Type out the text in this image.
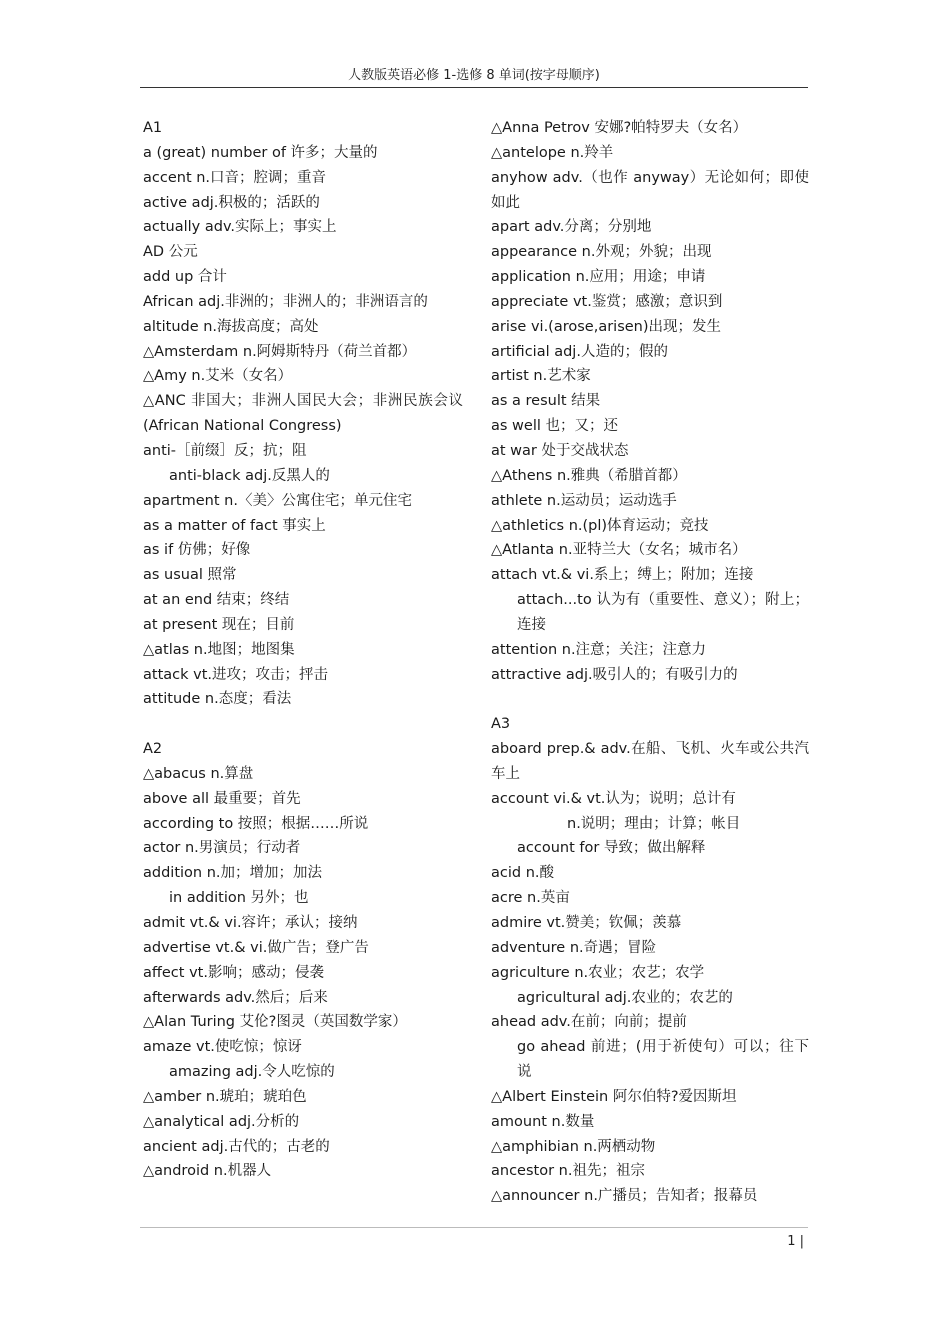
人教版英语必修 1-选修 8 单词(按字母顺序)

A1

a (great) number of 许多；大量的

accent n.口音；腔调；重音

active adj.积极的；活跃的

actually adv.实际上；事实上

AD 公元

add up 合计

African adj.非洲的；非洲人的；非洲语言的

altitude n.海拔高度；高处

△Amsterdam n.阿姆斯特丹（荷兰首都）

△Amy n.艾米（女名）

△ANC 非国大；非洲人国民大会；非洲民族会议(African National Congress)

anti-［前缀］反；抗；阻

anti-black adj.反黑人的

apartment n.〈美〉公寓住宅；单元住宅

as a matter of fact 事实上

as if 仿佛；好像

as usual 照常

at an end 结束；终结

at present 现在；目前

△atlas n.地图；地图集

attack vt.进攻；攻击；抨击

attitude n.态度；看法

A2

△abacus n.算盘

above all 最重要；首先

according to 按照；根据……所说

actor n.男演员；行动者

addition n.加；增加；加法

in addition 另外；也

admit vt.& vi.容许；承认；接纳

advertise vt.& vi.做广告；登广告

affect vt.影响；感动；侵袭

afterwards adv.然后；后来

△Alan Turing 艾伦?图灵（英国数学家）

amaze vt.使吃惊；惊讶

amazing adj.令人吃惊的

△amber n.琥珀；琥珀色

△analytical adj.分析的

ancient adj.古代的；古老的

△android n.机器人

△Anna Petrov 安娜?帕特罗夫（女名）

△antelope n.羚羊

anyhow adv.（也作 anyway）无论如何；即使如此

apart adv.分离；分别地

appearance n.外观；外貌；出现

application n.应用；用途；申请

appreciate vt.鉴赏；感激；意识到

arise vi.(arose,arisen)出现；发生

artificial adj.人造的；假的

artist n.艺术家

as a result 结果

as well 也；又；还

at war 处于交战状态

△Athens n.雅典（希腊首都）

athlete n.运动员；运动选手

△athletics n.(pl)体育运动；竞技

△Atlanta n.亚特兰大（女名；城市名）

attach vt.& vi.系上；缚上；附加；连接

attach...to 认为有（重要性、意义）；附上；连接

attention n.注意；关注；注意力

attractive adj.吸引人的；有吸引力的

A3

aboard prep.& adv.在船、飞机、火车或公共汽车上

account vi.& vt.认为；说明；总计有

n.说明；理由；计算；帐目

account for 导致；做出解释

acid n.酸

acre n.英亩

admire vt.赞美；钦佩；羡慕

adventure n.奇遇；冒险

agriculture n.农业；农艺；农学

agricultural adj.农业的；农艺的

ahead adv.在前；向前；提前

go ahead 前进；(用于祈使句）可以；往下说

△Albert Einstein 阿尔伯特?爱因斯坦

amount n.数量

△amphibian n.两栖动物

ancestor n.祖先；祖宗

△announcer n.广播员；告知者；报幕员

1 |
